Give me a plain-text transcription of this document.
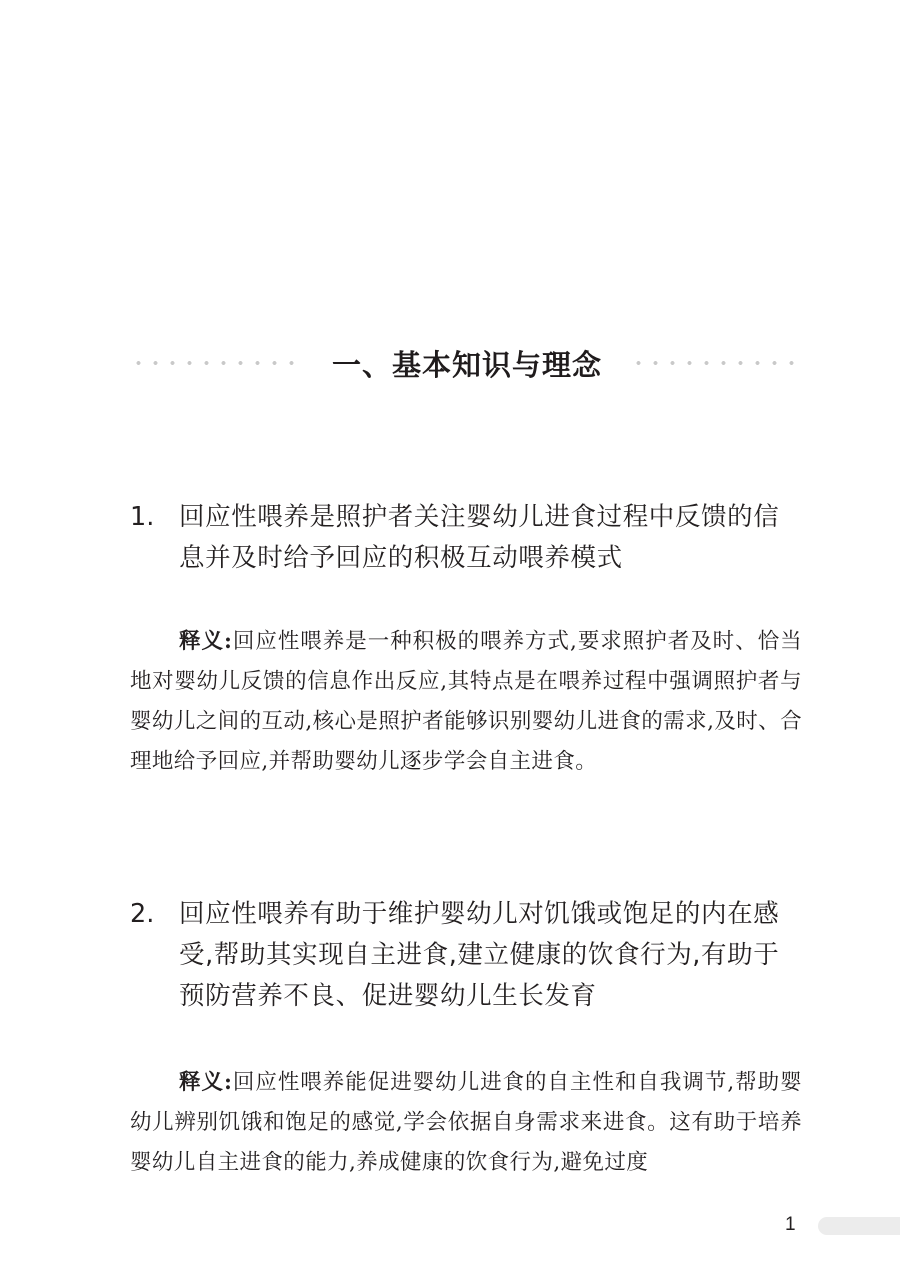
一、基本知识与理念
1. 回应性喂养是照护者关注婴幼儿进食过程中反馈的信息并及时给予回应的积极互动喂养模式
释义:回应性喂养是一种积极的喂养方式,要求照护者及时、恰当地对婴幼儿反馈的信息作出反应,其特点是在喂养过程中强调照护者与婴幼儿之间的互动,核心是照护者能够识别婴幼儿进食的需求,及时、合理地给予回应,并帮助婴幼儿逐步学会自主进食。
2. 回应性喂养有助于维护婴幼儿对饥饿或饱足的内在感受,帮助其实现自主进食,建立健康的饮食行为,有助于预防营养不良、促进婴幼儿生长发育
释义:回应性喂养能促进婴幼儿进食的自主性和自我调节,帮助婴幼儿辨别饥饿和饱足的感觉,学会依据自身需求来进食。这有助于培养婴幼儿自主进食的能力,养成健康的饮食行为,避免过度
1
